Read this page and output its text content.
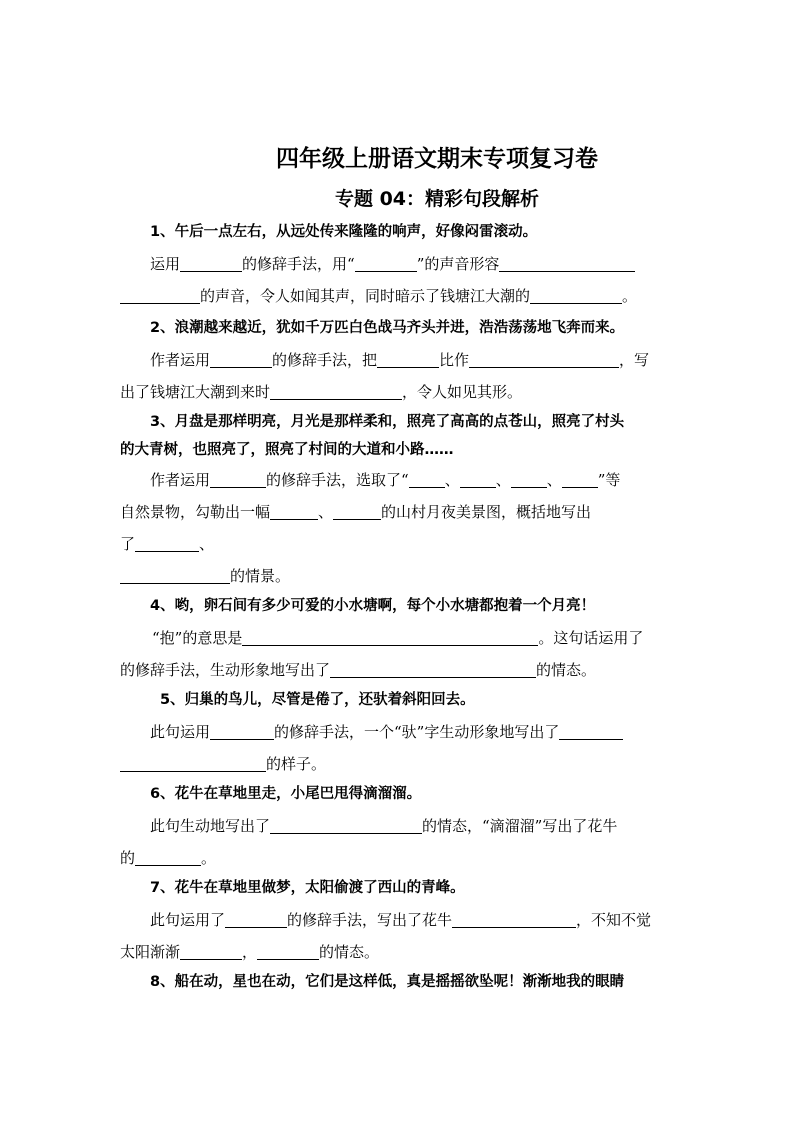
四年级上册语文期末专项复习卷
专题 04：精彩句段解析
1、午后一点左右，从远处传来隆隆的响声，好像闷雷滚动。
运用	的修辞手法，用“	”的声音形容
的声音，令人如闻其声，同时暗示了钱塘江大潮的	。
2、浪潮越来越近，犹如千万匹白色战马齐头并进，浩浩荡荡地飞奔而来。
作者运用	的修辞手法，把	比作	，写
出了钱塘江大潮到来时	，令人如见其形。
3、月盘是那样明亮，月光是那样柔和，照亮了高高的点苍山，照亮了村头
的大青树，也照亮了，照亮了村间的大道和小路……
作者运用	的修辞手法，选取了“ 、 、 、 ”等
自然景物，勾勒出一幅	、	的山村月夜美景图，概括地写出
了	、
的情景。
4、哟，卵石间有多少可爱的小水塘啊，每个小水塘都抱着一个月亮！
“抱”的意思是	。这句话运用了
的修辞手法，生动形象地写出了	的情态。
5、归巢的鸟儿，尽管是倦了，还驮着斜阳回去。
此句运用	的修辞手法，一个“驮”字生动形象地写出了
的样子。
6、花牛在草地里走，小尾巴甩得滴溜溜。
此句生动地写出了	的情态，“滴溜溜”写出了花牛
的	。
7、花牛在草地里做梦，太阳偷渡了西山的青峰。
此句运用了	的修辞手法，写出了花牛	，不知不觉
太阳渐渐	，	的情态。
8、船在动，星也在动，它们是这样低，真是摇摇欲坠呢！渐渐地我的眼睛
